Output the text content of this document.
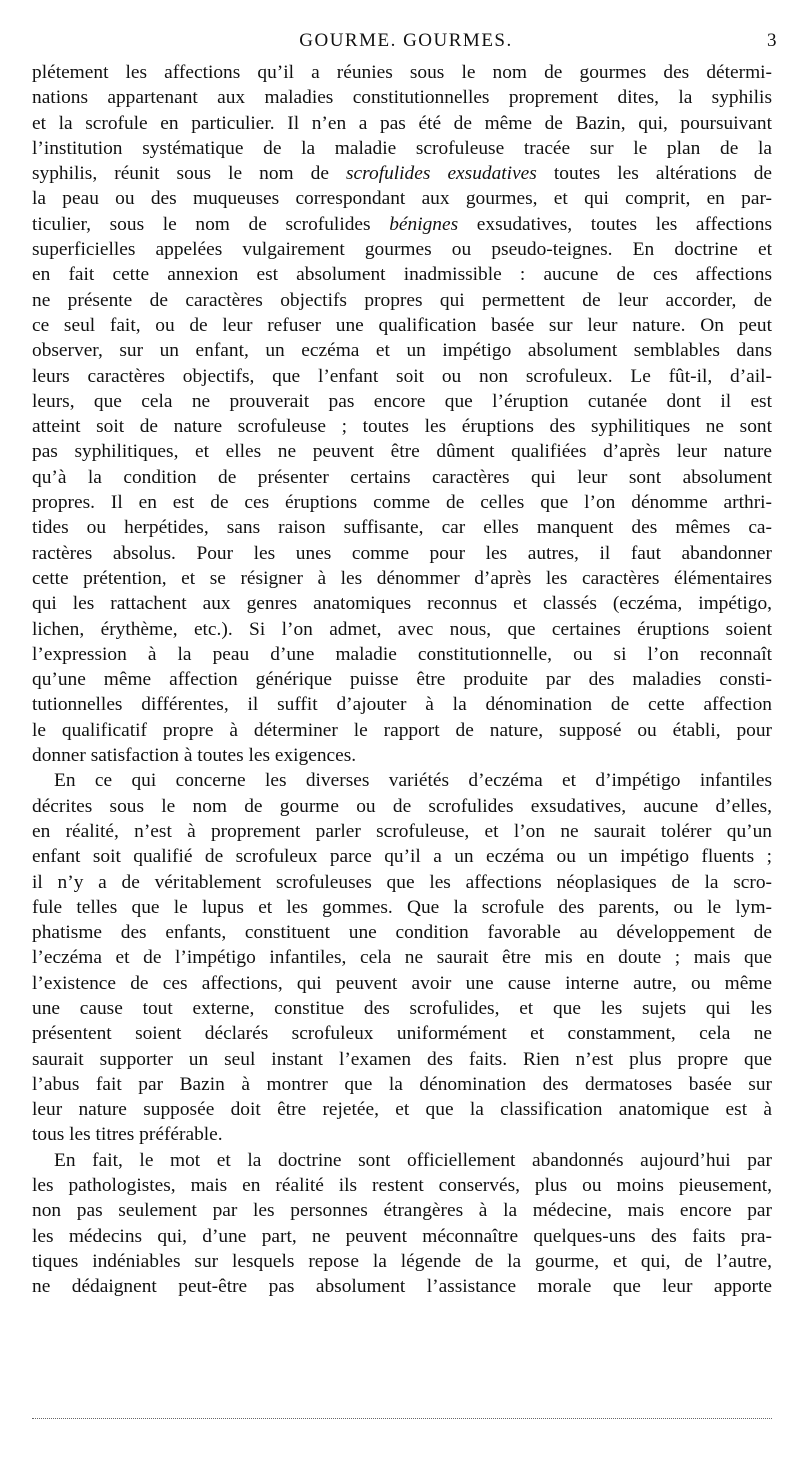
GOURME. GOURMES.	3
plétement les affections qu’il a réunies sous le nom de gourmes des détermi-
nations appartenant aux maladies constitutionnelles proprement dites, la syphilis
et la scrofule en particulier. Il n’en a pas été de même de Bazin, qui, poursuivant
l’institution systématique de la maladie scrofuleuse tracée sur le plan de la
syphilis, réunit sous le nom de scrofulides exsudatives toutes les altérations de
la peau ou des muqueuses correspondant aux gourmes, et qui comprit, en par-
ticulier, sous le nom de scrofulides bénignes exsudatives, toutes les affections
superficielles appelées vulgairement gourmes ou pseudo-teignes. En doctrine et
en fait cette annexion est absolument inadmissible : aucune de ces affections
ne présente de caractères objectifs propres qui permettent de leur accorder, de
ce seul fait, ou de leur refuser une qualification basée sur leur nature. On peut
observer, sur un enfant, un eczéma et un impétigo absolument semblables dans
leurs caractères objectifs, que l’enfant soit ou non scrofuleux. Le fût-il, d’ail-
leurs, que cela ne prouverait pas encore que l’éruption cutanée dont il est
atteint soit de nature scrofuleuse ; toutes les éruptions des syphilitiques ne sont
pas syphilitiques, et elles ne peuvent être dûment qualifiées d’après leur nature
qu’à la condition de présenter certains caractères qui leur sont absolument
propres. Il en est de ces éruptions comme de celles que l’on dénomme arthri-
tides ou herpétides, sans raison suffisante, car elles manquent des mêmes ca-
ractères absolus. Pour les unes comme pour les autres, il faut abandonner
cette prétention, et se résigner à les dénommer d’après les caractères élémentaires
qui les rattachent aux genres anatomiques reconnus et classés (eczéma, impétigo,
lichen, érythème, etc.). Si l’on admet, avec nous, que certaines éruptions soient
l’expression à la peau d’une maladie constitutionnelle, ou si l’on reconnaît
qu’une même affection générique puisse être produite par des maladies consti-
tutionnelles différentes, il suffit d’ajouter à la dénomination de cette affection
le qualificatif propre à déterminer le rapport de nature, supposé ou établi, pour
donner satisfaction à toutes les exigences.
En ce qui concerne les diverses variétés d’eczéma et d’impétigo infantiles
décrites sous le nom de gourme ou de scrofulides exsudatives, aucune d’elles,
en réalité, n’est à proprement parler scrofuleuse, et l’on ne saurait tolérer qu’un
enfant soit qualifié de scrofuleux parce qu’il a un eczéma ou un impétigo fluents ;
il n’y a de véritablement scrofuleuses que les affections néoplasiques de la scro-
fule telles que le lupus et les gommes. Que la scrofule des parents, ou le lym-
phatisme des enfants, constituent une condition favorable au développement de
l’eczéma et de l’impétigo infantiles, cela ne saurait être mis en doute ; mais que
l’existence de ces affections, qui peuvent avoir une cause interne autre, ou même
une cause tout externe, constitue des scrofulides, et que les sujets qui les
présentent soient déclarés scrofuleux uniformément et constamment, cela ne
saurait supporter un seul instant l’examen des faits. Rien n’est plus propre que
l’abus fait par Bazin à montrer que la dénomination des dermatoses basée sur
leur nature supposée doit être rejetée, et que la classification anatomique est à
tous les titres préférable.
En fait, le mot et la doctrine sont officiellement abandonnés aujourd’hui par
les pathologistes, mais en réalité ils restent conservés, plus ou moins pieusement,
non pas seulement par les personnes étrangères à la médecine, mais encore par
les médecins qui, d’une part, ne peuvent méconnaître quelques-uns des faits pra-
tiques indéniables sur lesquels repose la légende de la gourme, et qui, de l’autre,
ne dédaignent peut-être pas absolument l’assistance morale que leur apporte
